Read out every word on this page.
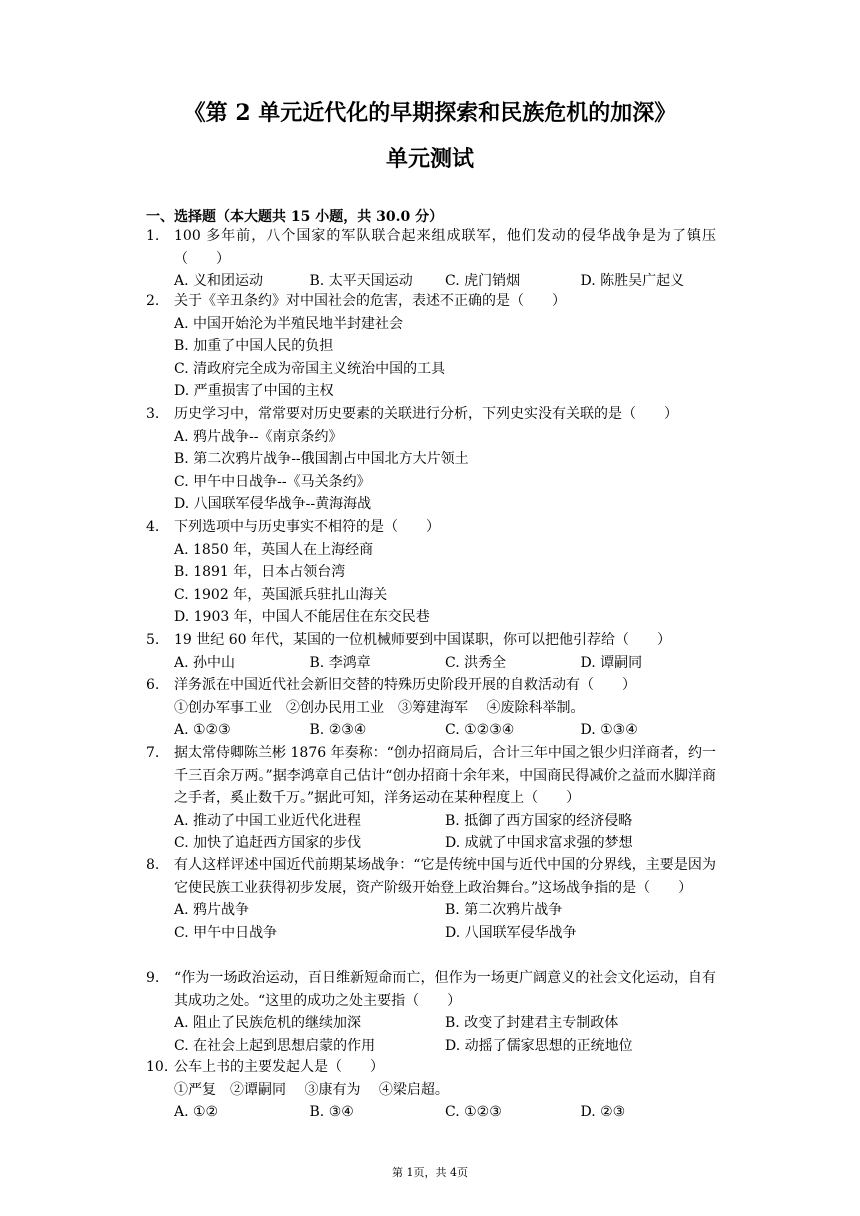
《第 2 单元近代化的早期探索和民族危机的加深》
单元测试
一、选择题（本大题共 15 小题，共 30.0 分）
1. 100 多年前，八个国家的军队联合起来组成联军，他们发动的侵华战争是为了镇压（　　）
A. 义和团运动	B. 太平天国运动	C. 虎门销烟	D. 陈胜吴广起义
2. 关于《辛丑条约》对中国社会的危害，表述不正确的是（　　）
A. 中国开始沦为半殖民地半封建社会
B. 加重了中国人民的负担
C. 清政府完全成为帝国主义统治中国的工具
D. 严重损害了中国的主权
3. 历史学习中，常常要对历史要素的关联进行分析，下列史实没有关联的是（　　）
A. 鸦片战争--《南京条约》
B. 第二次鸦片战争--俄国割占中国北方大片领土
C. 甲午中日战争--《马关条约》
D. 八国联军侵华战争--黄海海战
4. 下列选项中与历史事实不相符的是（　　）
A. 1850 年，英国人在上海经商
B. 1891 年，日本占领台湾
C. 1902 年，英国派兵驻扎山海关
D. 1903 年，中国人不能居住在东交民巷
5. 19 世纪 60 年代，某国的一位机械师要到中国谋职，你可以把他引荐给（　　）
A. 孙中山	B. 李鸿章	C. 洪秀全	D. 谭嗣同
6. 洋务派在中国近代社会新旧交替的特殊历史阶段开展的自救活动有（　　）
①创办军事工业　②创办民用工业　③筹建海军　 ④废除科举制。
A. ①②③	B. ②③④	C. ①②③④	D. ①③④
7. 据太常侍卿陈兰彬 1876 年奏称：“创办招商局后，合计三年中国之银少归洋商者，约一千三百余万两。”据李鸿章自己估计“创办招商十余年来，中国商民得减价之益而水脚洋商之手者，奚止数千万。”据此可知，洋务运动在某种程度上（　　）
A. 推动了中国工业近代化进程	B. 抵御了西方国家的经济侵略
C. 加快了追赶西方国家的步伐	D. 成就了中国求富求强的梦想
8. 有人这样评述中国近代前期某场战争：“它是传统中国与近代中国的分界线，主要是因为它使民族工业获得初步发展，资产阶级开始登上政治舞台。”这场战争指的是（　　）
A. 鸦片战争	B. 第二次鸦片战争
C. 甲午中日战争	D. 八国联军侵华战争
9. “作为一场政治运动，百日维新短命而亡，但作为一场更广阔意义的社会文化运动，自有其成功之处。“这里的成功之处主要指（　　）
A. 阻止了民族危机的继续加深	B. 改变了封建君主专制政体
C. 在社会上起到思想启蒙的作用	D. 动摇了儒家思想的正统地位
10. 公车上书的主要发起人是（　　）
①严复　②谭嗣同　 ③康有为　 ④梁启超。
A. ①②	B. ③④	C. ①②③	D. ②③
第 1页，共 4页
